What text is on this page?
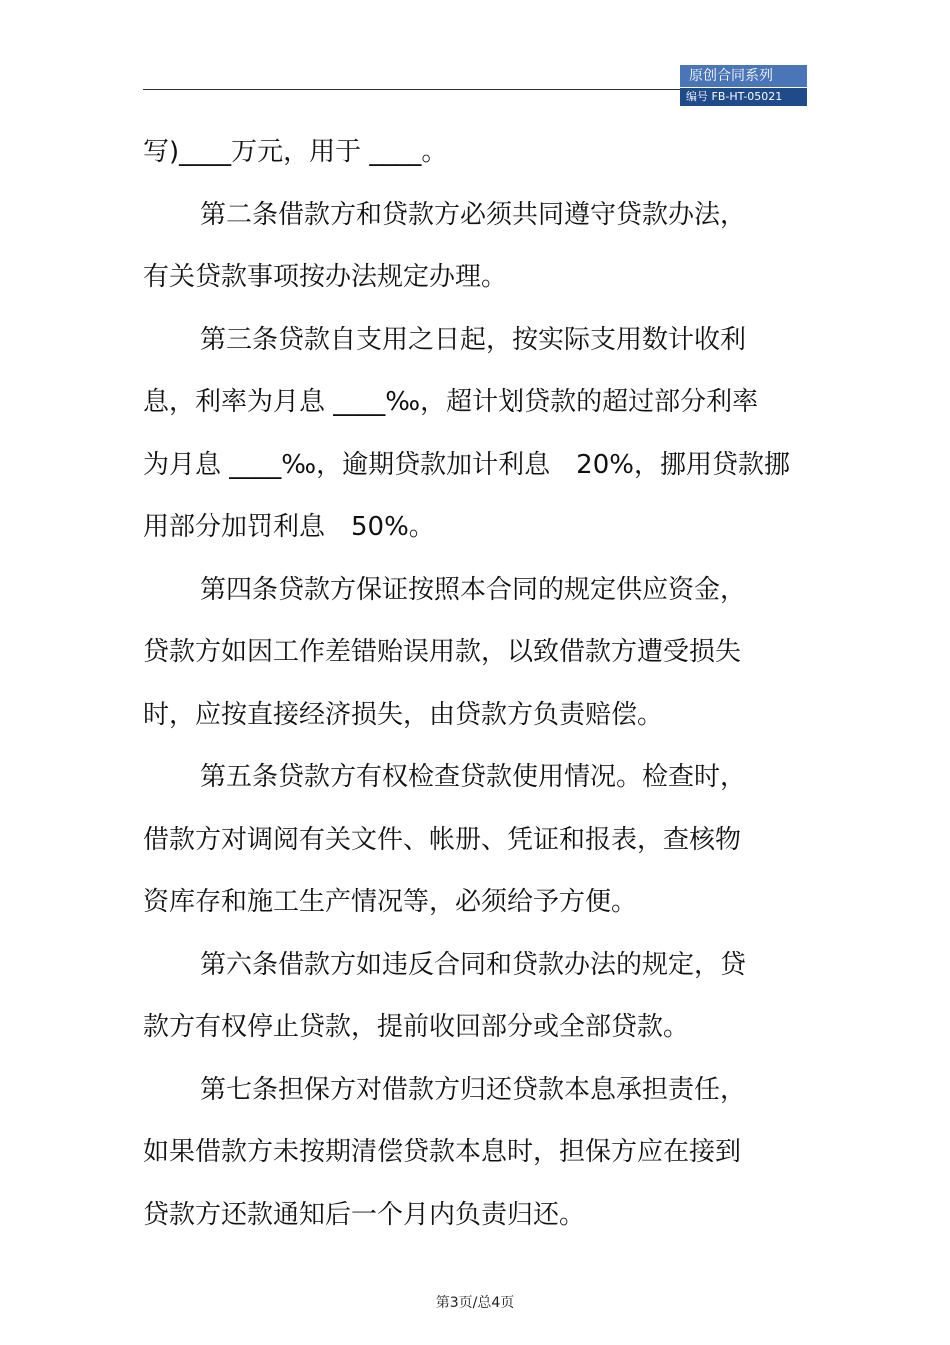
原创合同系列
编号 FB-HT-05021
写)____万元，用于 ____。
第二条借款方和贷款方必须共同遵守贷款办法，
有关贷款事项按办法规定办理。
第三条贷款自支用之日起，按实际支用数计收利
息，利率为月息 ____‰，超计划贷款的超过部分利率
为月息 ____‰，逾期贷款加计利息　20%，挪用贷款挪
用部分加罚利息　50%。
第四条贷款方保证按照本合同的规定供应资金，
贷款方如因工作差错贻误用款，以致借款方遭受损失
时，应按直接经济损失，由贷款方负责赔偿。
第五条贷款方有权检查贷款使用情况。检查时，
借款方对调阅有关文件、帐册、凭证和报表，查核物
资库存和施工生产情况等，必须给予方便。
第六条借款方如违反合同和贷款办法的规定，贷
款方有权停止贷款，提前收回部分或全部贷款。
第七条担保方对借款方归还贷款本息承担责任，
如果借款方未按期清偿贷款本息时，担保方应在接到
贷款方还款通知后一个月内负责归还。
第3页/总4页
